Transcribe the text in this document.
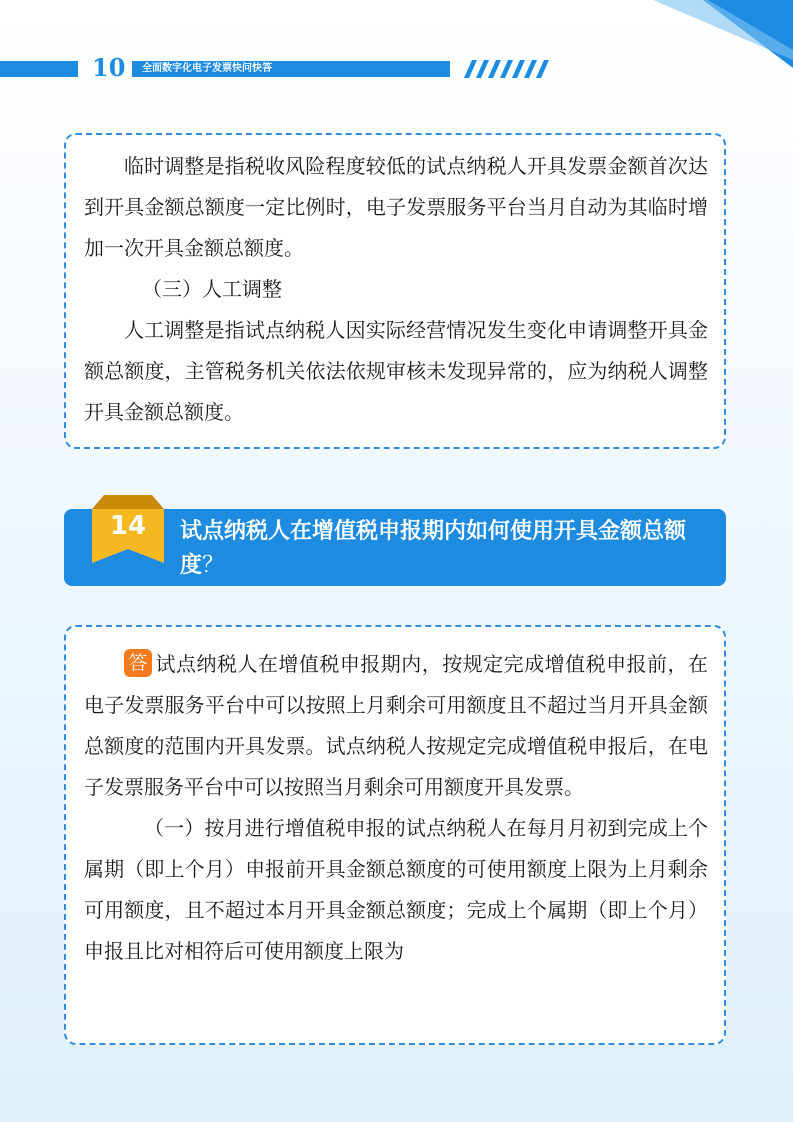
10 全面数字化电子发票快问快答

临时调整是指税收风险程度较低的试点纳税人开具发票金额首次达到开具金额总额度一定比例时，电子发票服务平台当月自动为其临时增加一次开具金额总额度。

（三）人工调整

人工调整是指试点纳税人因实际经营情况发生变化申请调整开具金额总额度，主管税务机关依法依规审核未发现异常的，应为纳税人调整开具金额总额度。

14	试点纳税人在增值税申报期内如何使用开具金额总额度？

答 试点纳税人在增值税申报期内，按规定完成增值税申报前，在电子发票服务平台中可以按照上月剩余可用额度且不超过当月开具金额总额度的范围内开具发票。试点纳税人按规定完成增值税申报后，在电子发票服务平台中可以按照当月剩余可用额度开具发票。

（一）按月进行增值税申报的试点纳税人在每月月初到完成上个属期（即上个月）申报前开具金额总额度的可使用额度上限为上月剩余可用额度，且不超过本月开具金额总额度；完成上个属期（即上个月）申报且比对相符后可使用额度上限为
